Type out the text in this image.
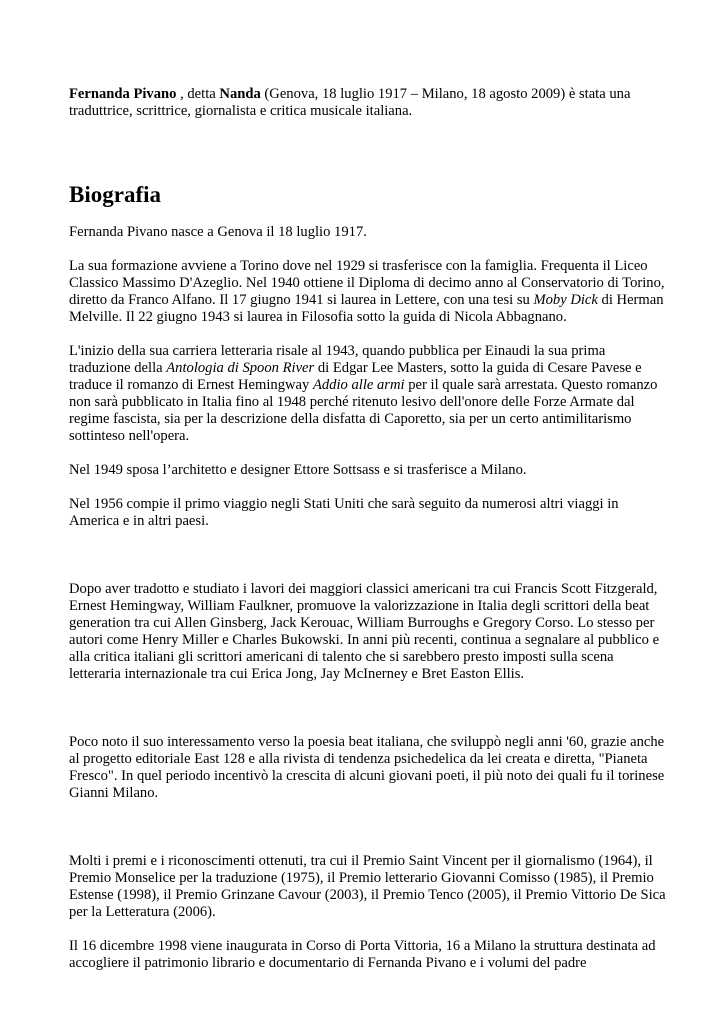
Fernanda Pivano , detta Nanda (Genova, 18 luglio 1917 – Milano, 18 agosto 2009) è stata una traduttrice, scrittrice, giornalista e critica musicale italiana.

Biografia

Fernanda Pivano nasce a Genova il 18 luglio 1917.

La sua formazione avviene a Torino dove nel 1929 si trasferisce con la famiglia. Frequenta il Liceo Classico Massimo D'Azeglio. Nel 1940 ottiene il Diploma di decimo anno al Conservatorio di Torino, diretto da Franco Alfano. Il 17 giugno 1941 si laurea in Lettere, con una tesi su Moby Dick di Herman Melville. Il 22 giugno 1943 si laurea in Filosofia sotto la guida di Nicola Abbagnano.

L'inizio della sua carriera letteraria risale al 1943, quando pubblica per Einaudi la sua prima traduzione della Antologia di Spoon River di Edgar Lee Masters, sotto la guida di Cesare Pavese e traduce il romanzo di Ernest Hemingway Addio alle armi per il quale sarà arrestata. Questo romanzo non sarà pubblicato in Italia fino al 1948 perché ritenuto lesivo dell'onore delle Forze Armate dal regime fascista, sia per la descrizione della disfatta di Caporetto, sia per un certo antimilitarismo sottinteso nell'opera.

Nel 1949 sposa l’architetto e designer Ettore Sottsass e si trasferisce a Milano.

Nel 1956 compie il primo viaggio negli Stati Uniti che sarà seguito da numerosi altri viaggi in America e in altri paesi.

Dopo aver tradotto e studiato i lavori dei maggiori classici americani tra cui Francis Scott Fitzgerald, Ernest Hemingway, William Faulkner, promuove la valorizzazione in Italia degli scrittori della beat generation tra cui Allen Ginsberg, Jack Kerouac, William Burroughs e Gregory Corso. Lo stesso per autori come Henry Miller e Charles Bukowski. In anni più recenti, continua a segnalare al pubblico e alla critica italiani gli scrittori americani di talento che si sarebbero presto imposti sulla scena letteraria internazionale tra cui Erica Jong, Jay McInerney e Bret Easton Ellis.

Poco noto il suo interessamento verso la poesia beat italiana, che sviluppò negli anni '60, grazie anche al progetto editoriale East 128 e alla rivista di tendenza psichedelica da lei creata e diretta, "Pianeta Fresco". In quel periodo incentivò la crescita di alcuni giovani poeti, il più noto dei quali fu il torinese Gianni Milano.

Molti i premi e i riconoscimenti ottenuti, tra cui il Premio Saint Vincent per il giornalismo (1964), il Premio Monselice per la traduzione (1975), il Premio letterario Giovanni Comisso (1985), il Premio Estense (1998), il Premio Grinzane Cavour (2003), il Premio Tenco (2005), il Premio Vittorio De Sica per la Letteratura (2006).

Il 16 dicembre 1998 viene inaugurata in Corso di Porta Vittoria, 16 a Milano la struttura destinata ad accogliere il patrimonio librario e documentario di Fernanda Pivano e i volumi del padre
